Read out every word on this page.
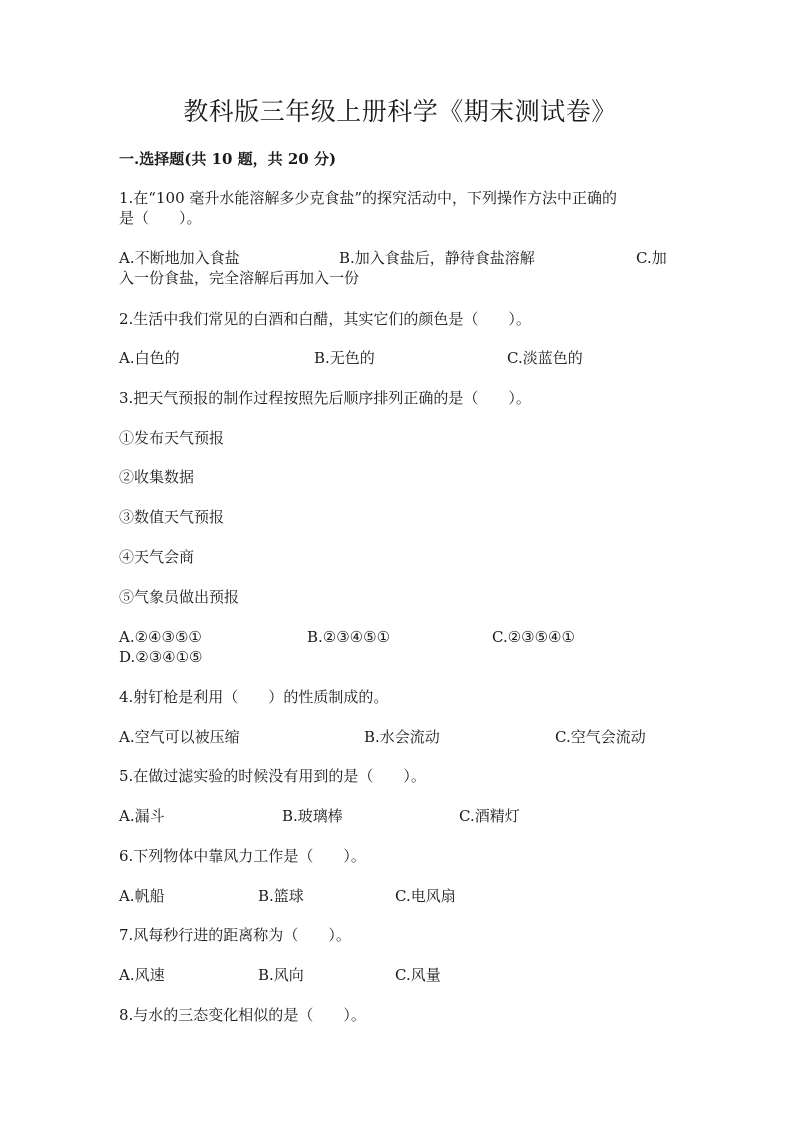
教科版三年级上册科学《期末测试卷》
一.选择题(共 10 题，共 20 分)
1.在“100 毫升水能溶解多少克食盐”的探究活动中，下列操作方法中正确的
是（　　）。
A.不断地加入食盐	B.加入食盐后，静待食盐溶解	C.加
入一份食盐，完全溶解后再加入一份
2.生活中我们常见的白酒和白醋，其实它们的颜色是（　　）。
A.白色的	B.无色的	C.淡蓝色的
3.把天气预报的制作过程按照先后顺序排列正确的是（　　）。
①发布天气预报
②收集数据
③数值天气预报
④天气会商
⑤气象员做出预报
A.②④③⑤①	B.②③④⑤①	C.②③⑤④①
D.②③④①⑤
4.射钉枪是利用（　　）的性质制成的。
A.空气可以被压缩	B.水会流动	C.空气会流动
5.在做过滤实验的时候没有用到的是（　　）。
A.漏斗	B.玻璃棒	C.酒精灯
6.下列物体中靠风力工作是（　　）。
A.帆船	B.篮球	C.电风扇
7.风每秒行进的距离称为（　　）。
A.风速	B.风向	C.风量
8.与水的三态变化相似的是（　　）。
